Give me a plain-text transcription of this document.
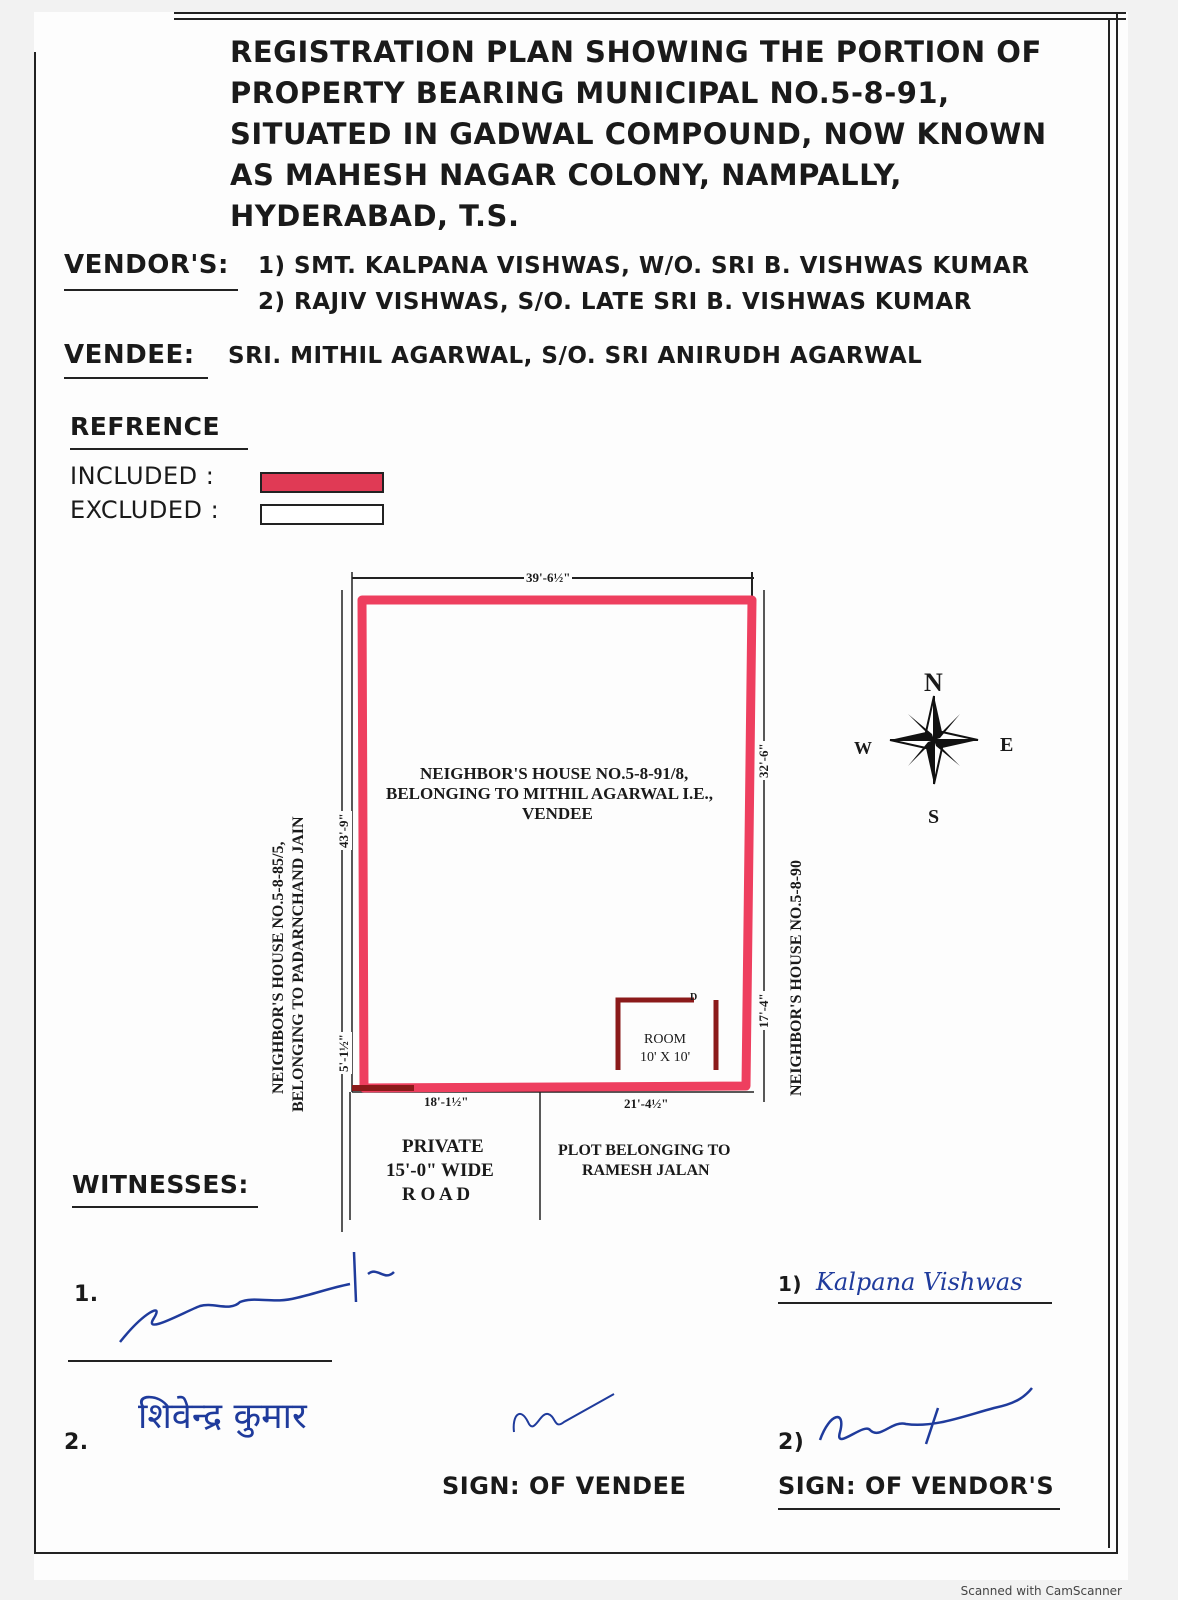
REGISTRATION PLAN SHOWING THE PORTION OF
PROPERTY BEARING MUNICIPAL NO.5-8-91,
SITUATED IN GADWAL COMPOUND, NOW KNOWN
AS MAHESH NAGAR COLONY, NAMPALLY,
HYDERABAD, T.S.
VENDOR'S: 1) SMT. KALPANA VISHWAS, W/O. SRI B. VISHWAS KUMAR
2) RAJIV VISHWAS, S/O. LATE SRI B. VISHWAS KUMAR
VENDEE: SRI. MITHIL AGARWAL, S/O. SRI ANIRUDH AGARWAL
REFRENCE
INCLUDED :
EXCLUDED :
NEIGHBOR'S HOUSE NO.5-8-91/8,
BELONGING TO MITHIL AGARWAL I.E.,
VENDEE
NEIGHBOR'S HOUSE NO.5-8-85/5, BELONGING TO PADARNCHAND JAIN	NEIGHBOR'S HOUSE NO.5-8-90
ROOM
10' X 10'
D
PRIVATE
15'-0" WIDE
R O A D
PLOT BELONGING TO
RAMESH JALAN
39'-6½"
32'-6"
17'-4"
43'-9"
5'-1½"
18'-1½"	21'-4½"
N
S
E
W
WITNESSES:
1.
2.
शिवेन्द्र कुमार
1) Kalpana Vishwas
2)
SIGN: OF VENDEE	SIGN: OF VENDOR'S
Scanned with CamScanner
